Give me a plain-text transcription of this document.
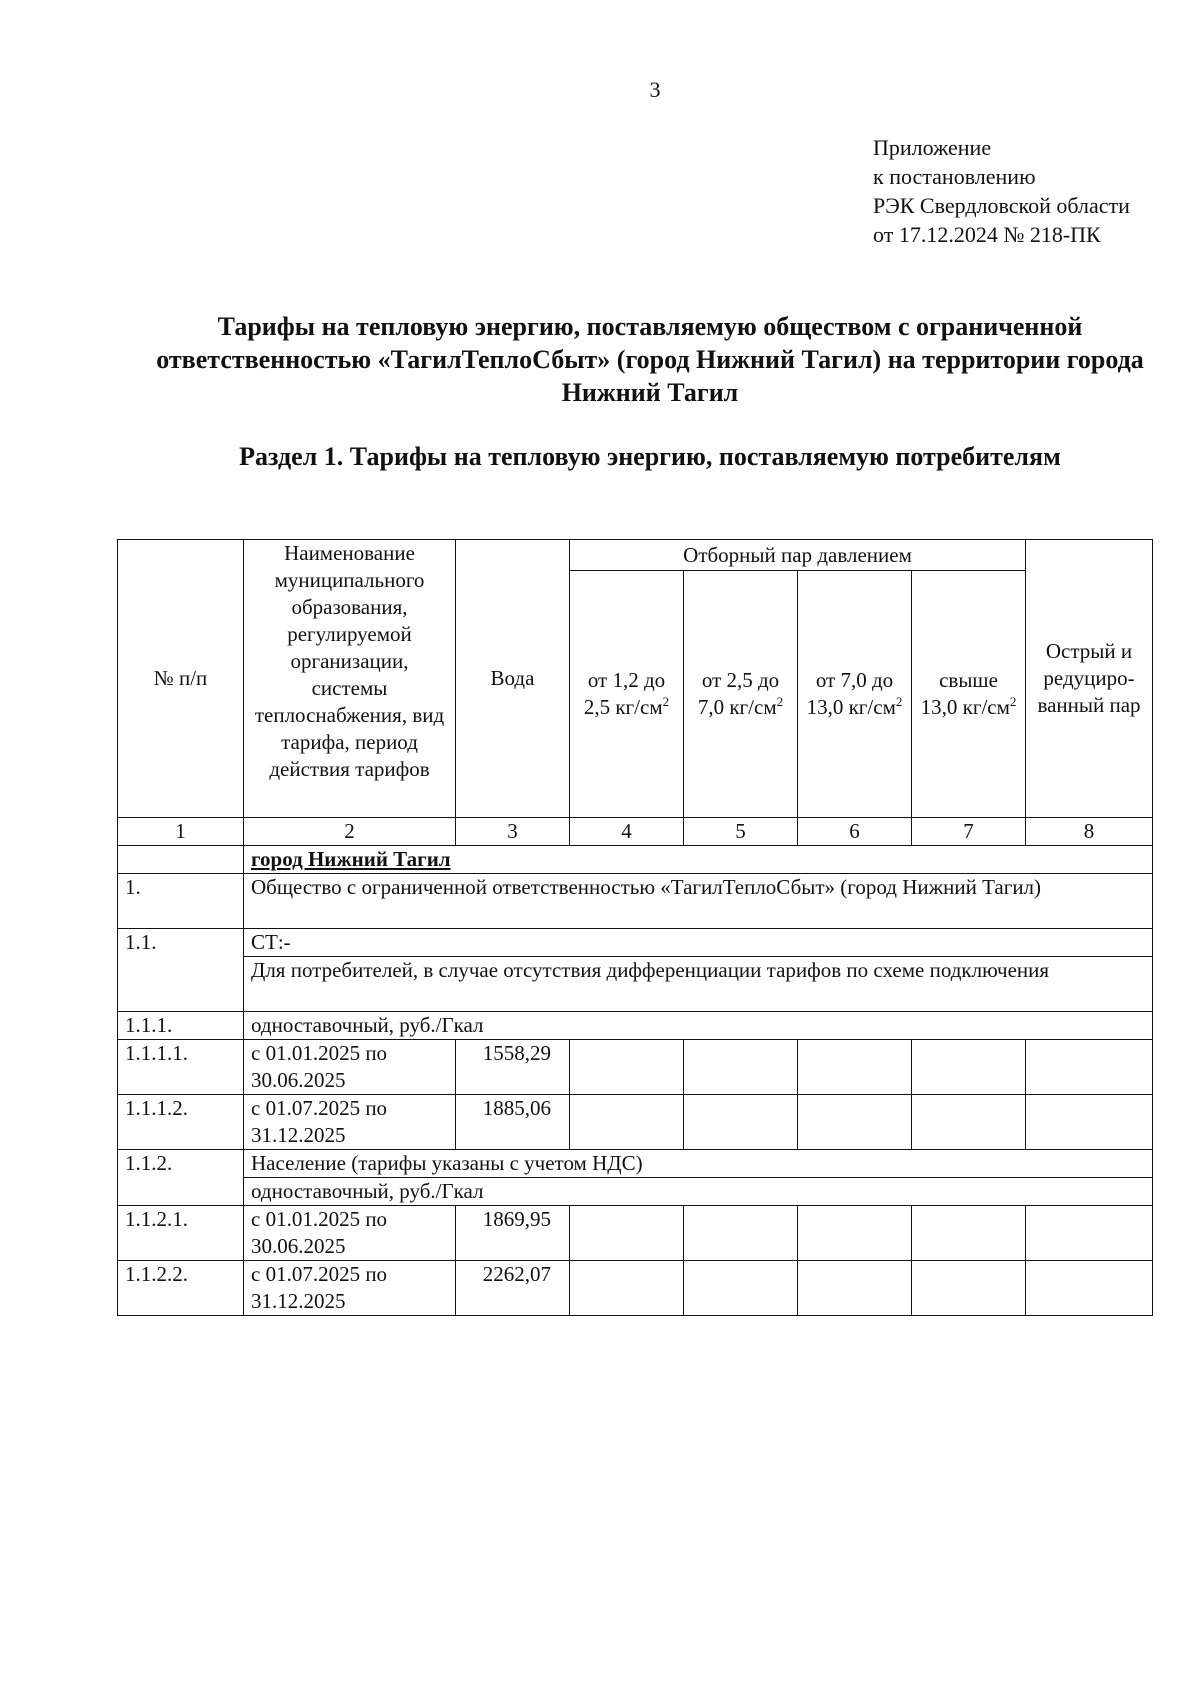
3
Приложение
к постановлению
РЭК Свердловской области
от 17.12.2024 № 218-ПК
Тарифы на тепловую энергию, поставляемую обществом с ограниченной ответственностью «ТагилТеплоСбыт» (город Нижний Тагил) на территории города Нижний Тагил
Раздел 1. Тарифы на тепловую энергию, поставляемую потребителям
№ п/п	Наименование муниципального образования, регулируемой организации, системы теплоснабжения, вид тарифа, период действия тарифов	Вода	Отборный пар давлением				Острый и редуциро- ванный пар
			от 1,2 до 2,5 $кг/см^2$	от 2,5 до 7,0 $кг/см^2$	от 7,0 до 13,0 $кг/см^2$	свыше 13,0 $кг/см^2$
1	2	3	4	5	6	7	8
	город Нижний Тагил						
1.	Общество с ограниченной ответственностью «ТагилТеплоСбыт» (город Нижний Тагил)						
1.1.	СТ:-						
	Для потребителей, в случае отсутствия дифференциации тарифов по схеме подключения						
1.1.1.	одноставочный, руб./Гкал						
1.1.1.1.	с 01.01.2025 по 30.06.2025	1558,29					
1.1.1.2.	с 01.07.2025 по 31.12.2025	1885,06					
1.1.2.	Население (тарифы указаны с учетом НДС)						
	одноставочный, руб./Гкал						
1.1.2.1.	с 01.01.2025 по 30.06.2025	1869,95					
1.1.2.2.	с 01.07.2025 по 31.12.2025	2262,07					
